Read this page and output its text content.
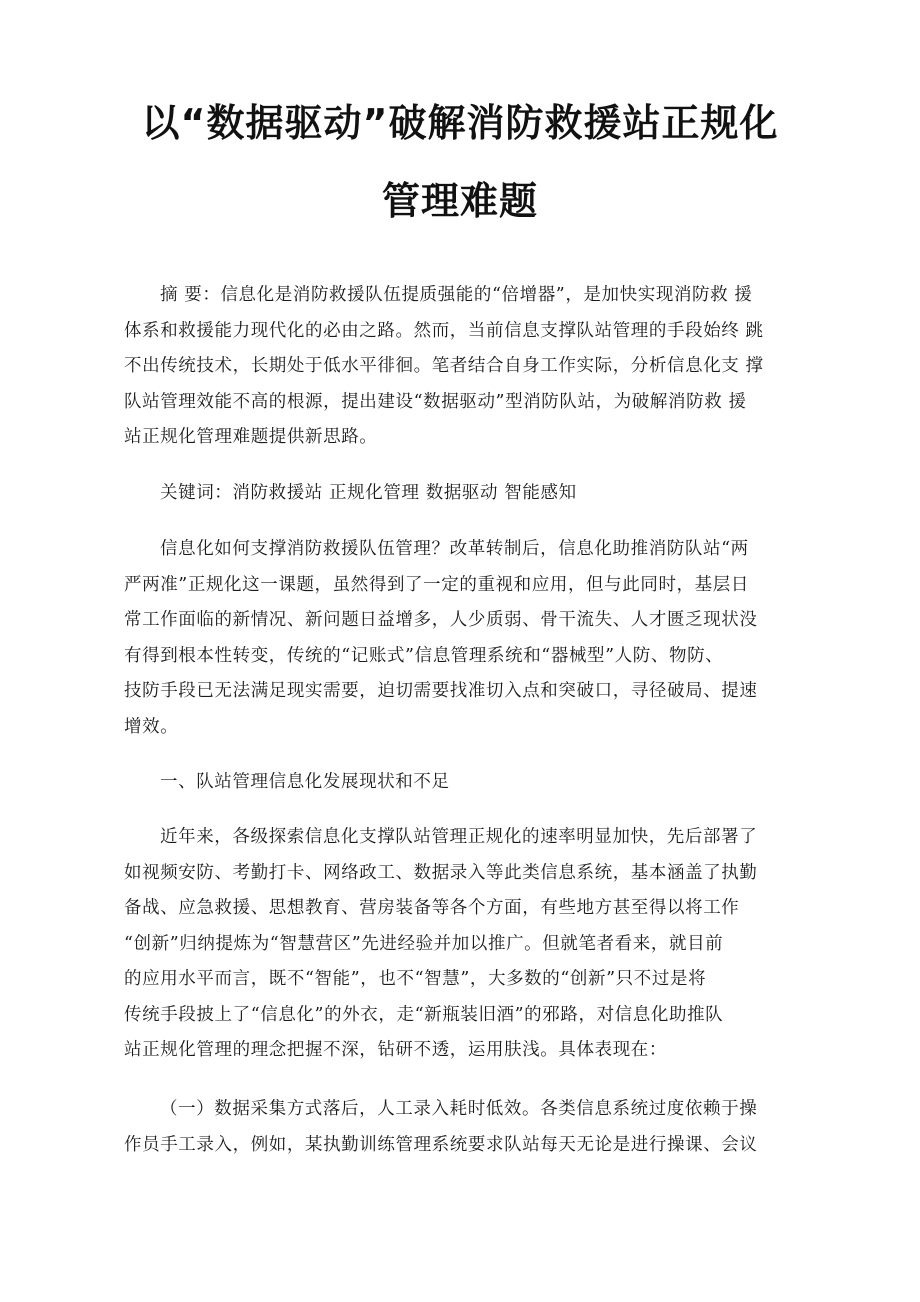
以“数据驱动”破解消防救援站正规化
管理难题
摘 要：信息化是消防救援队伍提质强能的“倍增器”，是加快实现消防救 援
体系和救援能力现代化的必由之路。然而，当前信息支撑队站管理的手段始终 跳
不出传统技术，长期处于低水平徘徊。笔者结合自身工作实际，分析信息化支 撑
队站管理效能不高的根源，提出建设“数据驱动”型消防队站，为破解消防救 援
站正规化管理难题提供新思路。
关键词：消防救援站 正规化管理 数据驱动 智能感知
信息化如何支撑消防救援队伍管理？改革转制后，信息化助推消防队站“两
严两准”正规化这一课题，虽然得到了一定的重视和应用，但与此同时，基层日
常工作面临的新情况、新问题日益增多，人少质弱、骨干流失、人才匮乏现状没
有得到根本性转变，传统的“记账式”信息管理系统和“器械型”人防、物防、
技防手段已无法满足现实需要，迫切需要找准切入点和突破口，寻径破局、提速
增效。
一、队站管理信息化发展现状和不足
近年来，各级探索信息化支撑队站管理正规化的速率明显加快，先后部署了
如视频安防、考勤打卡、网络政工、数据录入等此类信息系统，基本涵盖了执勤
备战、应急救援、思想教育、营房装备等各个方面，有些地方甚至得以将工作
“创新”归纳提炼为“智慧营区”先进经验并加以推广。但就笔者看来，就目前
的应用水平而言，既不“智能”，也不“智慧”，大多数的“创新”只不过是将
传统手段披上了“信息化”的外衣，走“新瓶装旧酒”的邪路，对信息化助推队
站正规化管理的理念把握不深，钻研不透，运用肤浅。具体表现在：
（一）数据采集方式落后，人工录入耗时低效。各类信息系统过度依赖于操
作员手工录入，例如，某执勤训练管理系统要求队站每天无论是进行操课、会议
